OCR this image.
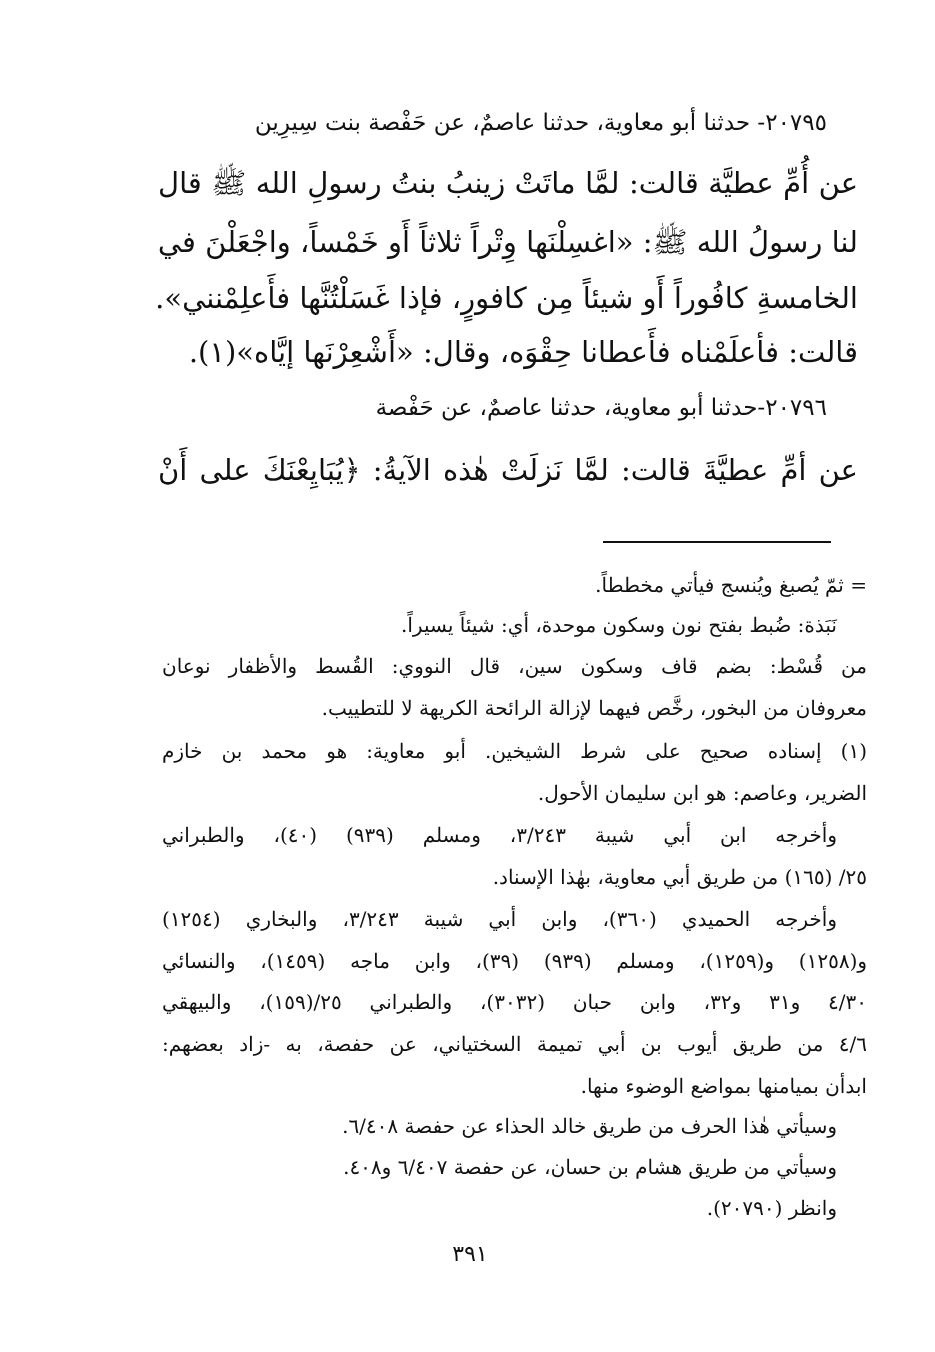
٢٠٧٩٥- حدثنا أبو معاوية، حدثنا عاصمٌ، عن حَفْصة بنت سِيرِين
عن أُمِّ عطيَّة قالت: لمَّا ماتَتْ زينبُ بنتُ رسولِ الله ﷺ قال
لنا رسولُ الله ﷺ: «اغسِلْنَها وِتْراً ثلاثاً أَو خَمْساً، واجْعَلْنَ في
الخامسةِ كافُوراً أَو شيئاً مِن كافورٍ، فإذا غَسَلْتُنَّها فأَعلِمْنني».
قالت: فأعلَمْناه فأَعطانا حِقْوَه، وقال: «أَشْعِرْنَها إيَّاه»(١).
٢٠٧٩٦-حدثنا أبو معاوية، حدثنا عاصمٌ، عن حَفْصة
عن أمِّ عطيَّةَ قالت: لمَّا نَزلَتْ هٰذه الآيةُ: ﴿يُبَايِعْنَكَ على أَنْ
= ثمّ يُصبغ ويُنسج فيأتي مخططاً.
نَبَذة: ضُبط بفتح نون وسكون موحدة، أي: شيئاً يسيراً.
من قُسْط: بضم قاف وسكون سين، قال النووي: القُسط والأظفار نوعان
معروفان من البخور، رخَّص فيهما لإزالة الرائحة الكريهة لا للتطييب.
(١) إسناده صحيح على شرط الشيخين. أبو معاوية: هو محمد بن خازم
الضرير، وعاصم: هو ابن سليمان الأحول.
وأخرجه ابن أبي شيبة ٣/٢٤٣، ومسلم (٩٣٩) (٤٠)، والطبراني
٢٥/ (١٦٥) من طريق أبي معاوية، بهٰذا الإسناد.
وأخرجه الحميدي (٣٦٠)، وابن أبي شيبة ٣/٢٤٣، والبخاري (١٢٥٤)
و(١٢٥٨) و(١٢٥٩)، ومسلم (٩٣٩) (٣٩)، وابن ماجه (١٤٥٩)، والنسائي
٤/٣٠ و٣١ و٣٢، وابن حبان (٣٠٣٢)، والطبراني ٢٥/(١٥٩)، والبيهقي
٤/٦ من طريق أيوب بن أبي تميمة السختياني، عن حفصة، به -زاد بعضهم:
ابدأن بميامنها بمواضع الوضوء منها.
وسيأتي هٰذا الحرف من طريق خالد الحذاء عن حفصة ٦/٤٠٨.
وسيأتي من طريق هشام بن حسان، عن حفصة ٦/٤٠٧ و٤٠٨.
وانظر (٢٠٧٩٠).
٣٩١
